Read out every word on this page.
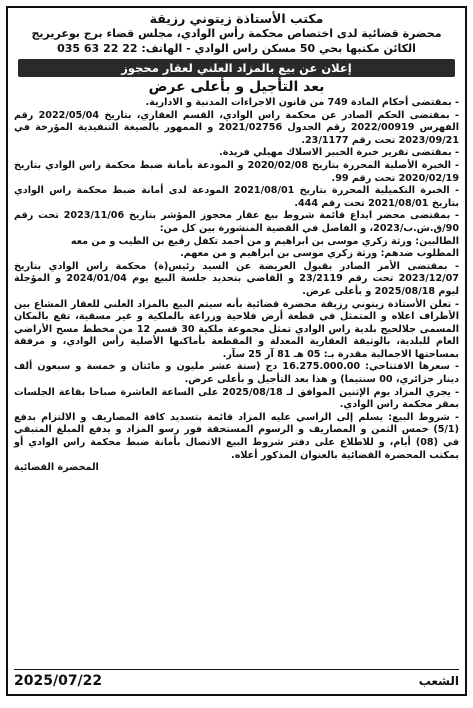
مكتب الأستاذة زيتوني رزيقة
محضرة قضائية لدى اختصاص محكمة رأس الوادي، مجلس قضاء برج بوعريريج
الكائن مكتبها بحي 50 مسكن راس الوادي - الهاتف: 22 22 63 035
إعلان عن بيع بالمزاد العلني لعقار محجوز
بعد التأجيل و بأعلى عرض

- بمقتضى أحكام المادة 749 من قانون الاجراءات المدنية و الادارية.

- بمقتضى الحكم الصادر عن محكمة راس الوادي، القسم العقاري، بتاريخ 2022/05/04 رقم الفهرس 2022/00919 رقم الجدول 2021/02756 و الممهور بالصيغة التنفيذية المؤرخة في 2023/09/21 تحت رقم 23/1177.

- بمقتضى تقرير خبرة الخبير الاسلاك مهيلي فريدة.

- الخبرة الأصلية المحررة بتاريخ 2020/02/08 و المودعة بأمانة ضبط محكمة راس الوادي بتاريخ 2020/02/19 تحت رقم 99.

- الخبرة التكميلية المحررة بتاريخ 2021/08/01 المودعة لدى أمانة ضبط محكمة راس الوادي بتاريخ 2021/08/01 تحت رقم 444.

- بمقتضى محضر ايداع قائمة شروط بيع عقار محجوز المؤشر بتاريخ 2023/11/06 تحت رقم 90/ق.ش.ب/2023، و الفاصل في القضية المنشورة بين كل من:

الطالبين: ورثة زكري موسى بن ابراهيم و من أحمد تكفل رفيع بن الطيب و من معه

المطلوب ضدهم: ورثة زكري موسى بن ابراهيم و من معهم.

- بمقتضى الأمر الصادر بقبول العريضة عن السيد رئيس(ة) محكمة راس الوادي بتاريخ 2023/12/07 تحت رقم 23/2119 و القاضي بتحديد جلسة البيع يوم 2024/01/04 و المؤجلة ليوم 2025/08/18 و بأعلى عرض.

- تعلن الأستاذة زيتوني رزيقة محضرة قضائية بأنه سيتم البيع بالمزاد العلني للعقار المشاع بين الأطراف اعلاه و المتمثل في قطعة أرض فلاحية وزراعة بالملكية و غير مسقية، تقع بالمكان المسمى جلالحيج بلدية راس الوادي تمثل مجموعة ملكية 30 قسم 12 من مخطط مسح الأراضي العام للبلدية، بالوثيقة العقارية المعدلة و المقطعة بأماكنها الأصلية رأس الوادي، و مرفقة بمساحتها الاجمالية مقدرة بـ: 05 هـ 81 آر 25 سآر.

- سعرها الافتتاحي: 16.275.000.00 دج (ستة عشر مليون و مائتان و خمسة و سبعون ألف دينار جزائري، 00 سنتيما) و هذا بعد التأجيل و بأعلى عرض.

- يجري المزاد يوم الإثنين الموافق لـ 2025/08/18 على الساعة العاشرة صباحا بقاعة الجلسات بمقر محكمة راس الوادي.

- شروط البيع: يسلم إلى الراسي عليه المزاد قائمة بتسديد كافة المصاريف و الالتزام بدفع (5/1) خمس الثمن و المصاريف و الرسوم المستحقة فور رسو المزاد و يدفع المبلغ المتبقي في (08) أيام، و للاطلاع على دفتر شروط البيع الاتصال بأمانة ضبط محكمة راس الوادي أو بمكتب المحضرة القضائية بالعنوان المذكور أعلاه.

المحضرة القضائية

الشعب
2025/07/22
